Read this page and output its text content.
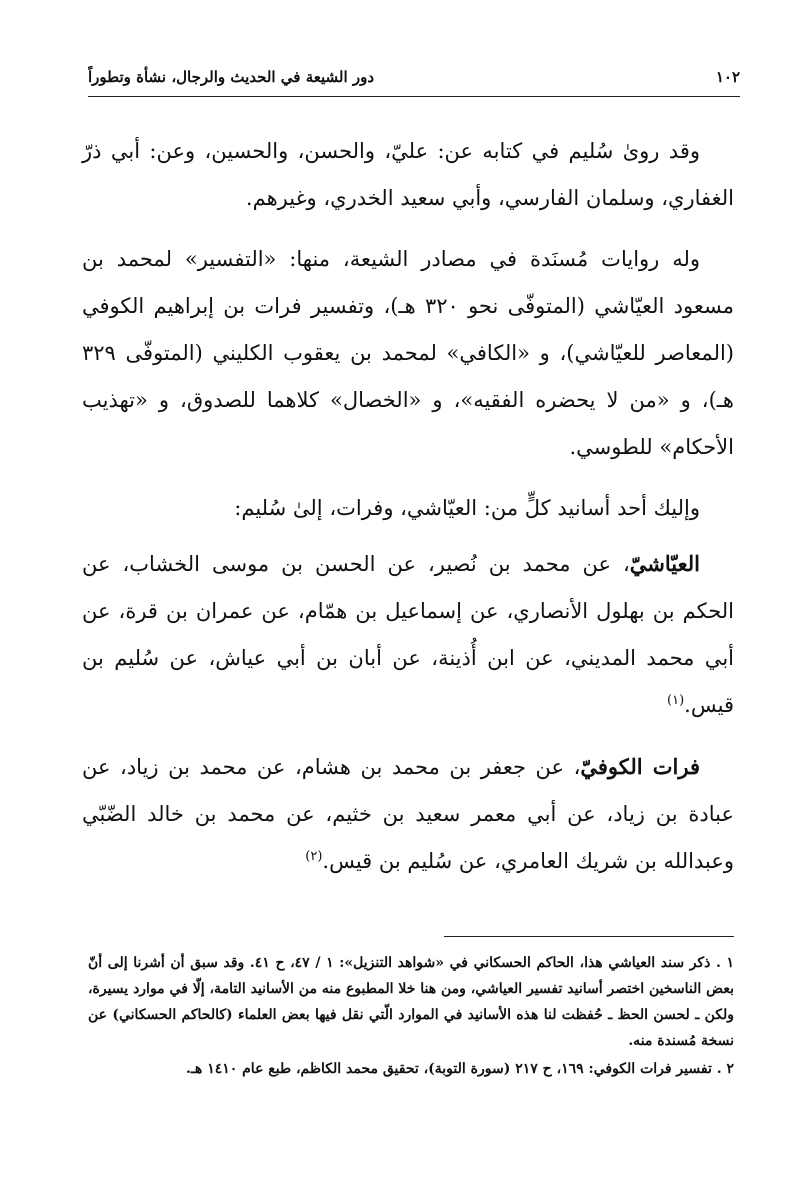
١٠٢
دور الشيعة في الحديث والرجال، نشأة وتطوراً

وقد روىٰ سُليم في كتابه عن: عليّ، والحسن، والحسين، وعن: أبي ذرّ الغفاري، وسلمان الفارسي، وأبي سعيد الخدري، وغيرهم.

وله روايات مُسنَدة في مصادر الشيعة، منها: «التفسير» لمحمد بن مسعود العيّاشي (المتوفّى نحو ٣٢٠ هـ)، وتفسير فرات بن إبراهيم الكوفي (المعاصر للعيّاشي)، و «الكافي» لمحمد بن يعقوب الكليني (المتوفّى ٣٢٩ هـ)، و «من لا يحضره الفقيه»، و «الخصال» كلاهما للصدوق، و «تهذيب الأحكام» للطوسي.

وإليك أحد أسانيد كلٍّ من: العيّاشي، وفرات، إلىٰ سُليم:

العيّاشيّ، عن محمد بن نُصير، عن الحسن بن موسى الخشاب، عن الحكم بن بهلول الأنصاري، عن إسماعيل بن همّام، عن عمران بن قرة، عن أبي محمد المديني، عن ابن أُذينة، عن أبان بن أبي عياش، عن سُليم بن قيس.$^{(١)}$

فرات الكوفيّ، عن جعفر بن محمد بن هشام، عن محمد بن زياد، عن عبادة بن زياد، عن أبي معمر سعيد بن خثيم، عن محمد بن خالد الضّبّي وعبدالله بن شريك العامري، عن سُليم بن قيس.$^{(٢)}$

١ . ذكر سند العياشي هذا، الحاكم الحسكاني في «شواهد التنزيل»: ١ / ٤٧، ح ٤١. وقد سبق أن أشرنا إلى أنّ بعض الناسخين اختصر أسانيد تفسير العياشي، ومن هنا خلا المطبوع منه من الأسانيد التامة، إلّا في موارد يسيرة، ولكن ـ لحسن الحظ ـ حُفظت لنا هذه الأسانيد في الموارد الّتي نقل فيها بعض العلماء (كالحاكم الحسكاني) عن نسخة مُسندة منه.

٢ . تفسير فرات الكوفي: ١٦٩، ح ٢١٧ (سورة التوبة)، تحقيق محمد الكاظم، طبع عام ١٤١٠ هـ.
